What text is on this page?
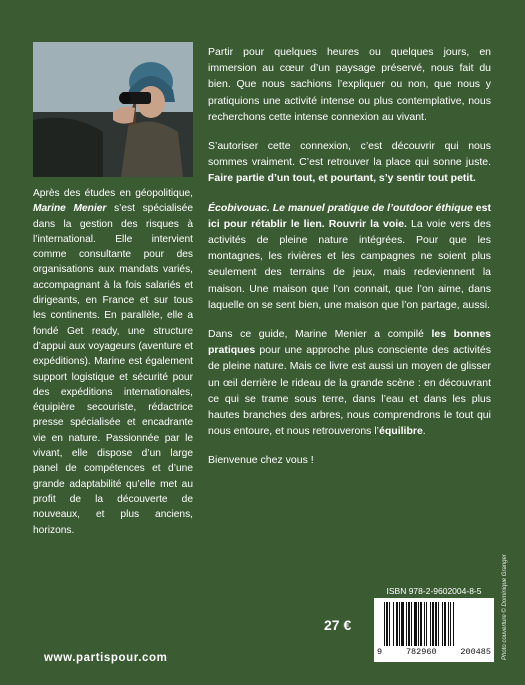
Après des études en géopolitique, Marine Menier s’est spécialisée dans la gestion des risques à l’international. Elle intervient comme consultante pour des organisations aux mandats variés, accompagnant à la fois salariés et dirigeants, en France et sur tous les continents. En parallèle, elle a fondé Get ready, une structure d’appui aux voyageurs (aventure et expéditions). Marine est également support logistique et sécurité pour des expéditions internationales, équipière secouriste, rédactrice presse spécialisée et encadrante vie en nature. Passionnée par le vivant, elle dispose d’un large panel de compétences et d’une grande adaptabilité qu’elle met au profit de la découverte de nouveaux, et plus anciens, horizons.

Partir pour quelques heures ou quelques jours, en immersion au cœur d’un paysage préservé, nous fait du bien. Que nous sachions l’expliquer ou non, que nous y pratiquions une activité intense ou plus contemplative, nous recherchons cette intense connexion au vivant.

S’autoriser cette connexion, c’est découvrir qui nous sommes vraiment. C’est retrouver la place qui sonne juste. Faire partie d’un tout, et pourtant, s’y sentir tout petit.

Écobivouac. Le manuel pratique de l’outdoor éthique est ici pour rétablir le lien. Rouvrir la voie. La voie vers des activités de pleine nature intégrées. Pour que les montagnes, les rivières et les campagnes ne soient plus seulement des terrains de jeux, mais redeviennent la maison. Une maison que l’on connait, que l’on aime, dans laquelle on se sent bien, une maison que l’on partage, aussi.

Dans ce guide, Marine Menier a compilé les bonnes pratiques pour une approche plus consciente des activités de pleine nature. Mais ce livre est aussi un moyen de glisser un œil derrière le rideau de la grande scène : en découvrant ce qui se trame sous terre, dans l’eau et dans les plus hautes branches des arbres, nous comprendrons le tout qui nous entoure, et nous retrouverons l’équilibre.

Bienvenue chez vous !

ISBN 978-2-9602004-8-5
27 €
9	782960	200485
www.partispour.com	Photo couverture © Dominique Granger
